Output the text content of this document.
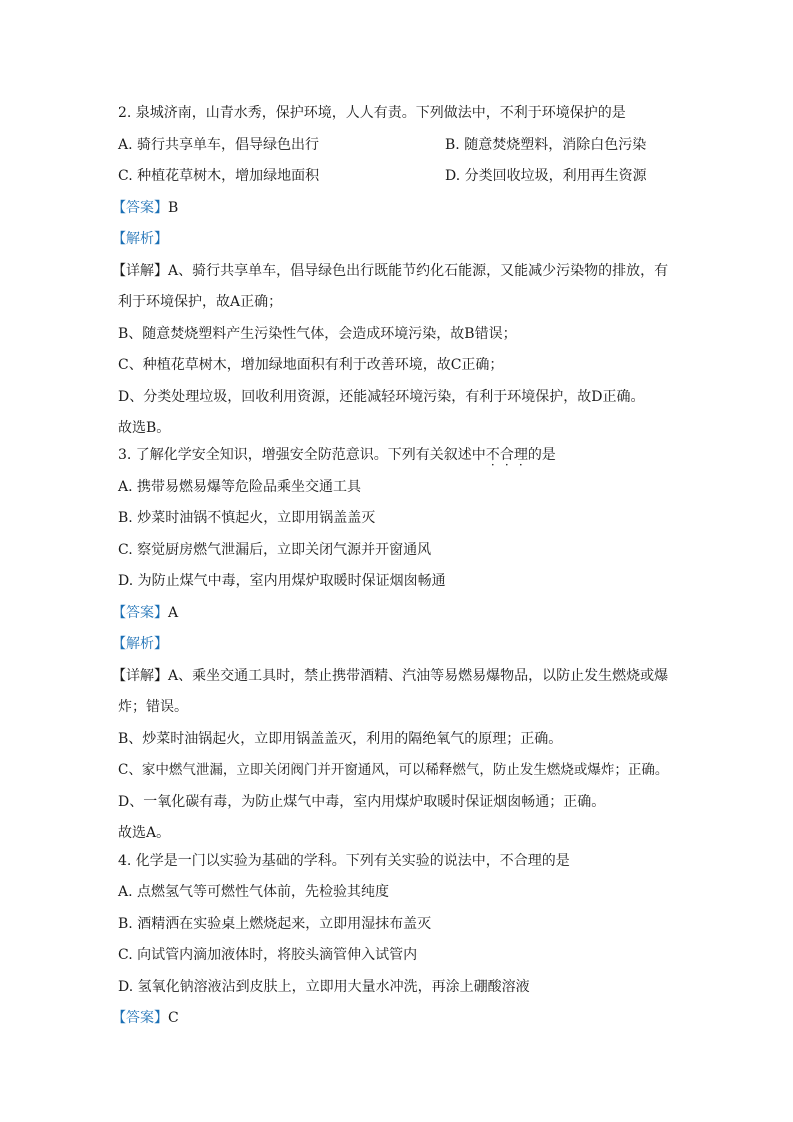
2. 泉城济南，山青水秀，保护环境，人人有责。下列做法中，不利于环境保护的是
A. 骑行共享单车，倡导绿色出行	B. 随意焚烧塑料，消除白色污染
C. 种植花草树木，增加绿地面积	D. 分类回收垃圾，利用再生资源
【答案】B
【解析】
【详解】A、骑行共享单车，倡导绿色出行既能节约化石能源，又能减少污染物的排放，有
利于环境保护，故A正确；
B、随意焚烧塑料产生污染性气体，会造成环境污染，故B错误；
C、种植花草树木，增加绿地面积有利于改善环境，故C正确；
D、分类处理垃圾，回收利用资源，还能减轻环境污染，有利于环境保护，故D正确。
故选B。
3. 了解化学安全知识，增强安全防范意识。下列有关叙述中不合理的是
A. 携带易燃易爆等危险品乘坐交通工具
B. 炒菜时油锅不慎起火，立即用锅盖盖灭
C. 察觉厨房燃气泄漏后，立即关闭气源并开窗通风
D. 为防止煤气中毒，室内用煤炉取暖时保证烟囱畅通
【答案】A
【解析】
【详解】A、乘坐交通工具时，禁止携带酒精、汽油等易燃易爆物品，以防止发生燃烧或爆
炸；错误。
B、炒菜时油锅起火，立即用锅盖盖灭，利用的隔绝氧气的原理；正确。
C、家中燃气泄漏，立即关闭阀门并开窗通风，可以稀释燃气，防止发生燃烧或爆炸；正确。
D、一氧化碳有毒，为防止煤气中毒，室内用煤炉取暖时保证烟囱畅通；正确。
故选A。
4. 化学是一门以实验为基础的学科。下列有关实验的说法中，不合理的是
A. 点燃氢气等可燃性气体前，先检验其纯度
B. 酒精洒在实验桌上燃烧起来，立即用湿抹布盖灭
C. 向试管内滴加液体时，将胶头滴管伸入试管内
D. 氢氧化钠溶液沾到皮肤上，立即用大量水冲洗，再涂上硼酸溶液
【答案】C
